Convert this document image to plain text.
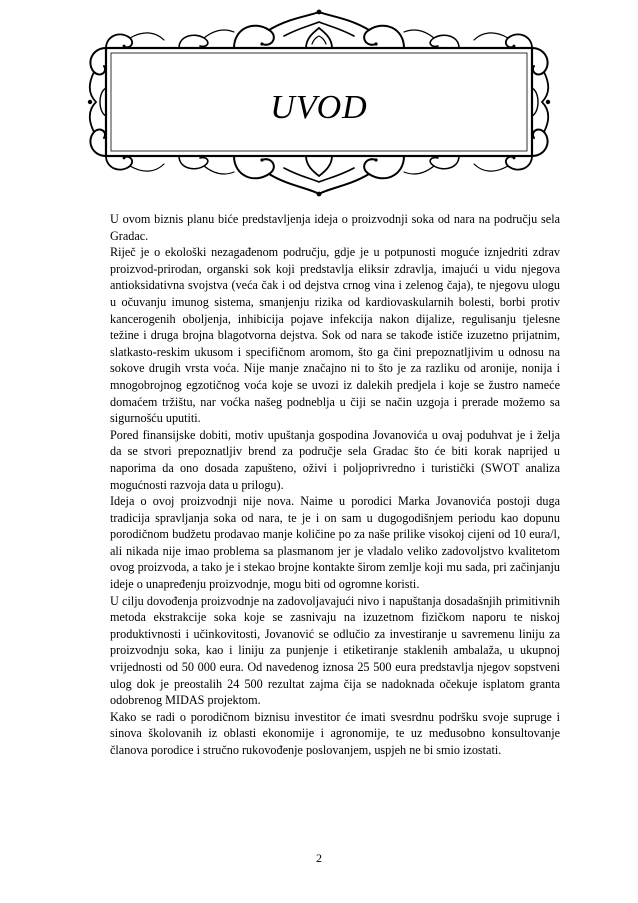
UVOD

U ovom biznis planu biće predstavljenja ideja o proizvodnji soka od nara na području sela Gradac.

Riječ je o ekološki nezagađenom području, gdje je u potpunosti moguće iznjedriti zdrav proizvod-prirodan, organski sok koji predstavlja eliksir zdravlja, imajući u vidu njegova antioksidativna svojstva (veća čak i od dejstva crnog vina i zelenog čaja), te njegovu ulogu u očuvanju imunog sistema, smanjenju rizika od kardiovaskularnih bolesti, borbi protiv kancerogenih oboljenja, inhibicija pojave infekcija nakon dijalize, regulisanju tjelesne težine i druga brojna blagotvorna dejstva. Sok od nara se takođe ističe izuzetno prijatnim, slatkasto-reskim ukusom i specifičnom aromom, što ga čini prepoznatljivim u odnosu na sokove drugih vrsta voća. Nije manje značajno ni to što je za razliku od aronije, nonija i mnogobrojnog egzotičnog voća koje se uvozi iz dalekih predjela i koje se žustro nameće domaćem tržištu, nar voćka našeg podneblja u čiji se način uzgoja i prerade možemo sa sigurnošću uputiti.

Pored finansijske dobiti, motiv upuštanja gospodina Jovanovića u ovaj poduhvat je i želja da se stvori prepoznatljiv brend za područje sela Gradac što će biti korak naprijed u naporima da ono dosada zapušteno, oživi i poljoprivredno i turistički (SWOT analiza mogućnosti razvoja data u prilogu).

Ideja o ovoj proizvodnji nije nova. Naime u porodici Marka Jovanovića postoji duga tradicija spravljanja soka od nara, te je i on sam u dugogodišnjem periodu kao dopunu porodičnom budžetu prodavao manje količine po za naše prilike visokoj cijeni od 10 eura/l, ali nikada nije imao problema sa plasmanom jer je vladalo veliko zadovoljstvo kvalitetom ovog proizvoda, a tako je i stekao brojne kontakte širom zemlje koji mu sada, pri začinjanju ideje o unapređenju proizvodnje, mogu biti od ogromne koristi.

U cilju dovođenja proizvodnje na zadovoljavajući nivo i napuštanja dosadašnjih primitivnih metoda ekstrakcije soka koje se zasnivaju na izuzetnom fizičkom naporu te niskoj produktivnosti i učinkovitosti, Jovanović se odlučio za investiranje u savremenu liniju za proizvodnju soka, kao i liniju za punjenje i etiketiranje staklenih ambalaža, u ukupnoj vrijednosti od 50 000 eura. Od navedenog iznosa 25 500 eura predstavlja njegov sopstveni ulog dok je preostalih 24 500 rezultat zajma čija se nadoknada očekuje isplatom granta odobrenog MIDAS projektom.

Kako se radi o porodičnom biznisu investitor će imati svesrdnu podršku svoje supruge i sinova školovanih iz oblasti ekonomije i agronomije, te uz međusobno konsultovanje članova porodice i stručno rukovođenje poslovanjem, uspjeh ne bi smio izostati.

2
